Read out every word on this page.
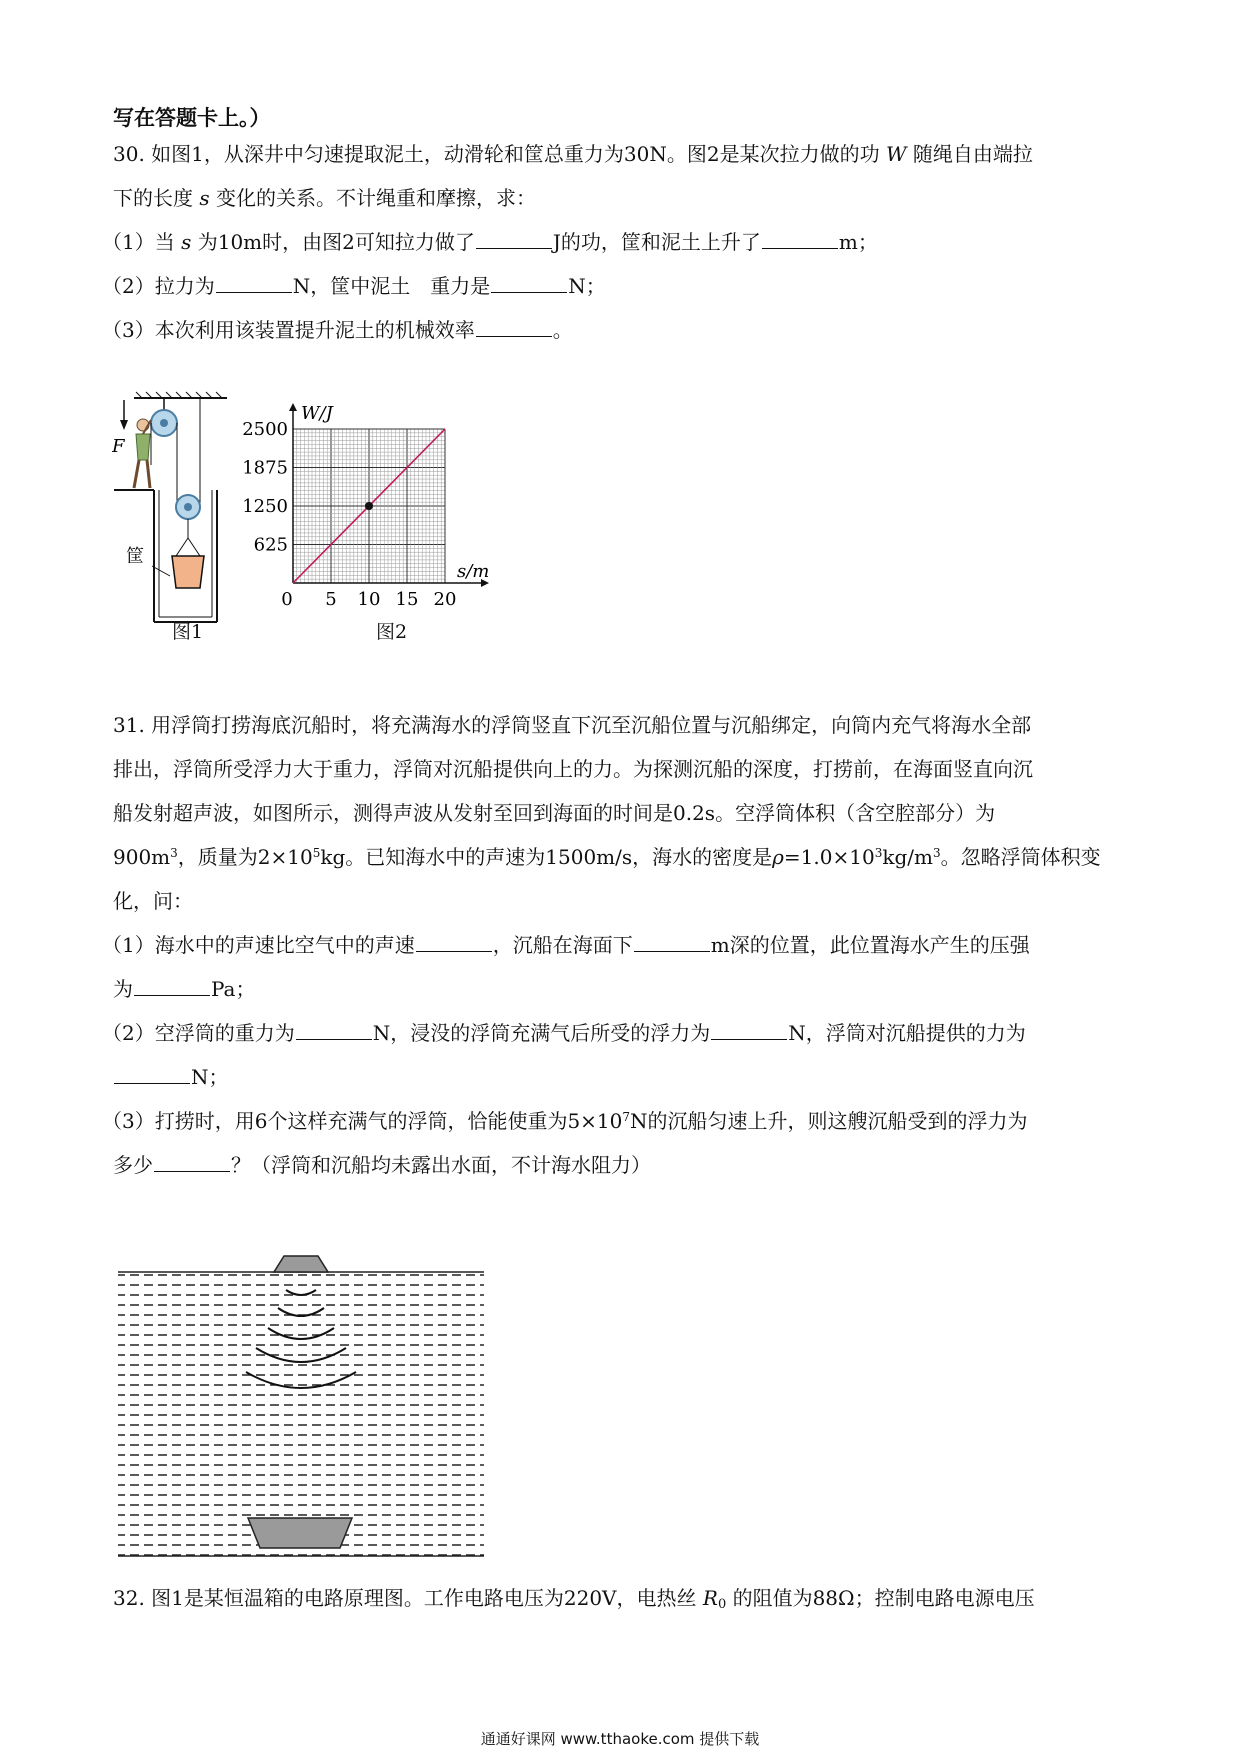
写在答题卡上。）
30. 如图1，从深井中匀速提取泥土，动滑轮和筐总重力为30N。图2是某次拉力做的功 W 随绳自由端拉
下的长度 s 变化的关系。不计绳重和摩擦，求：
（1）当 s 为10m时，由图2可知拉力做了	J的功，筐和泥土上升了	m；
（2）拉力为	N，筐中泥土　重力是	N；
（3）本次利用该装置提升泥土的机械效率	。
F
筐
图1
5 10 15 20
625
1250
1875
2500
0
W/J
s/m
图2
31. 用浮筒打捞海底沉船时，将充满海水的浮筒竖直下沉至沉船位置与沉船绑定，向筒内充气将海水全部
排出，浮筒所受浮力大于重力，浮筒对沉船提供向上的力。为探测沉船的深度，打捞前，在海面竖直向沉
船发射超声波，如图所示，测得声波从发射至回到海面的时间是0.2s。空浮筒体积（含空腔部分）为
$900m^3$，质量为$2\times 10^5kg$。已知海水中的声速为1500m/s，海水的密度是$\rho=1.0\times 10^3kg/m^3$。忽略浮筒体积变
化，问：
（1）海水中的声速比空气中的声速	，沉船在海面下	m深的位置，此位置海水产生的压强
为	Pa；
（2）空浮筒的重力为	N，浸没的浮筒充满气后所受的浮力为	N，浮筒对沉船提供的力为
N；
（3）打捞时，用6个这样充满气的浮筒，恰能使重为$5\times 10^7N$的沉船匀速上升，则这艘沉船受到的浮力为
多少	？（浮筒和沉船均未露出水面，不计海水阻力）
32. 图1是某恒温箱的电路原理图。工作电路电压为220V，电热丝 $R_0$ 的阻值为88Ω；控制电路电源电压
通通好课网 www.tthaoke.com 提供下载
